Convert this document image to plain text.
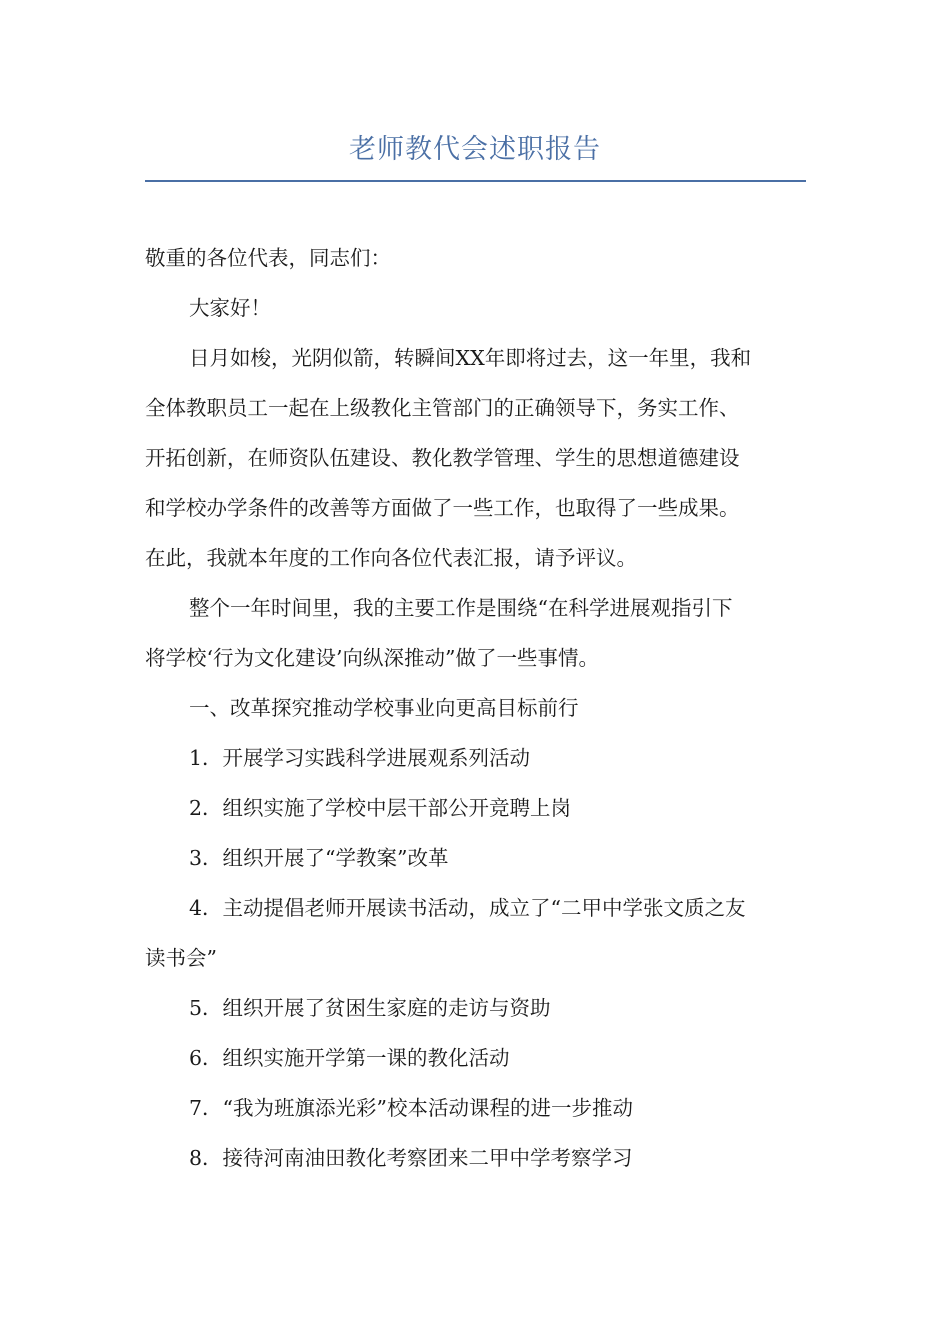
老师教代会述职报告

敬重的各位代表，同志们：

大家好！

日月如梭，光阴似箭，转瞬间XX年即将过去，这一年里，我和

全体教职员工一起在上级教化主管部门的正确领导下，务实工作、

开拓创新，在师资队伍建设、教化教学管理、学生的思想道德建设

和学校办学条件的改善等方面做了一些工作，也取得了一些成果。

在此，我就本年度的工作向各位代表汇报，请予评议。

整个一年时间里，我的主要工作是围绕“在科学进展观指引下

将学校‘行为文化建设’向纵深推动”做了一些事情。

一、改革探究推动学校事业向更高目标前行

1．开展学习实践科学进展观系列活动

2．组织实施了学校中层干部公开竞聘上岗

3．组织开展了“学教案”改革

4．主动提倡老师开展读书活动，成立了“二甲中学张文质之友

读书会”

5．组织开展了贫困生家庭的走访与资助

6．组织实施开学第一课的教化活动

7．“我为班旗添光彩”校本活动课程的进一步推动

8．接待河南油田教化考察团来二甲中学考察学习
